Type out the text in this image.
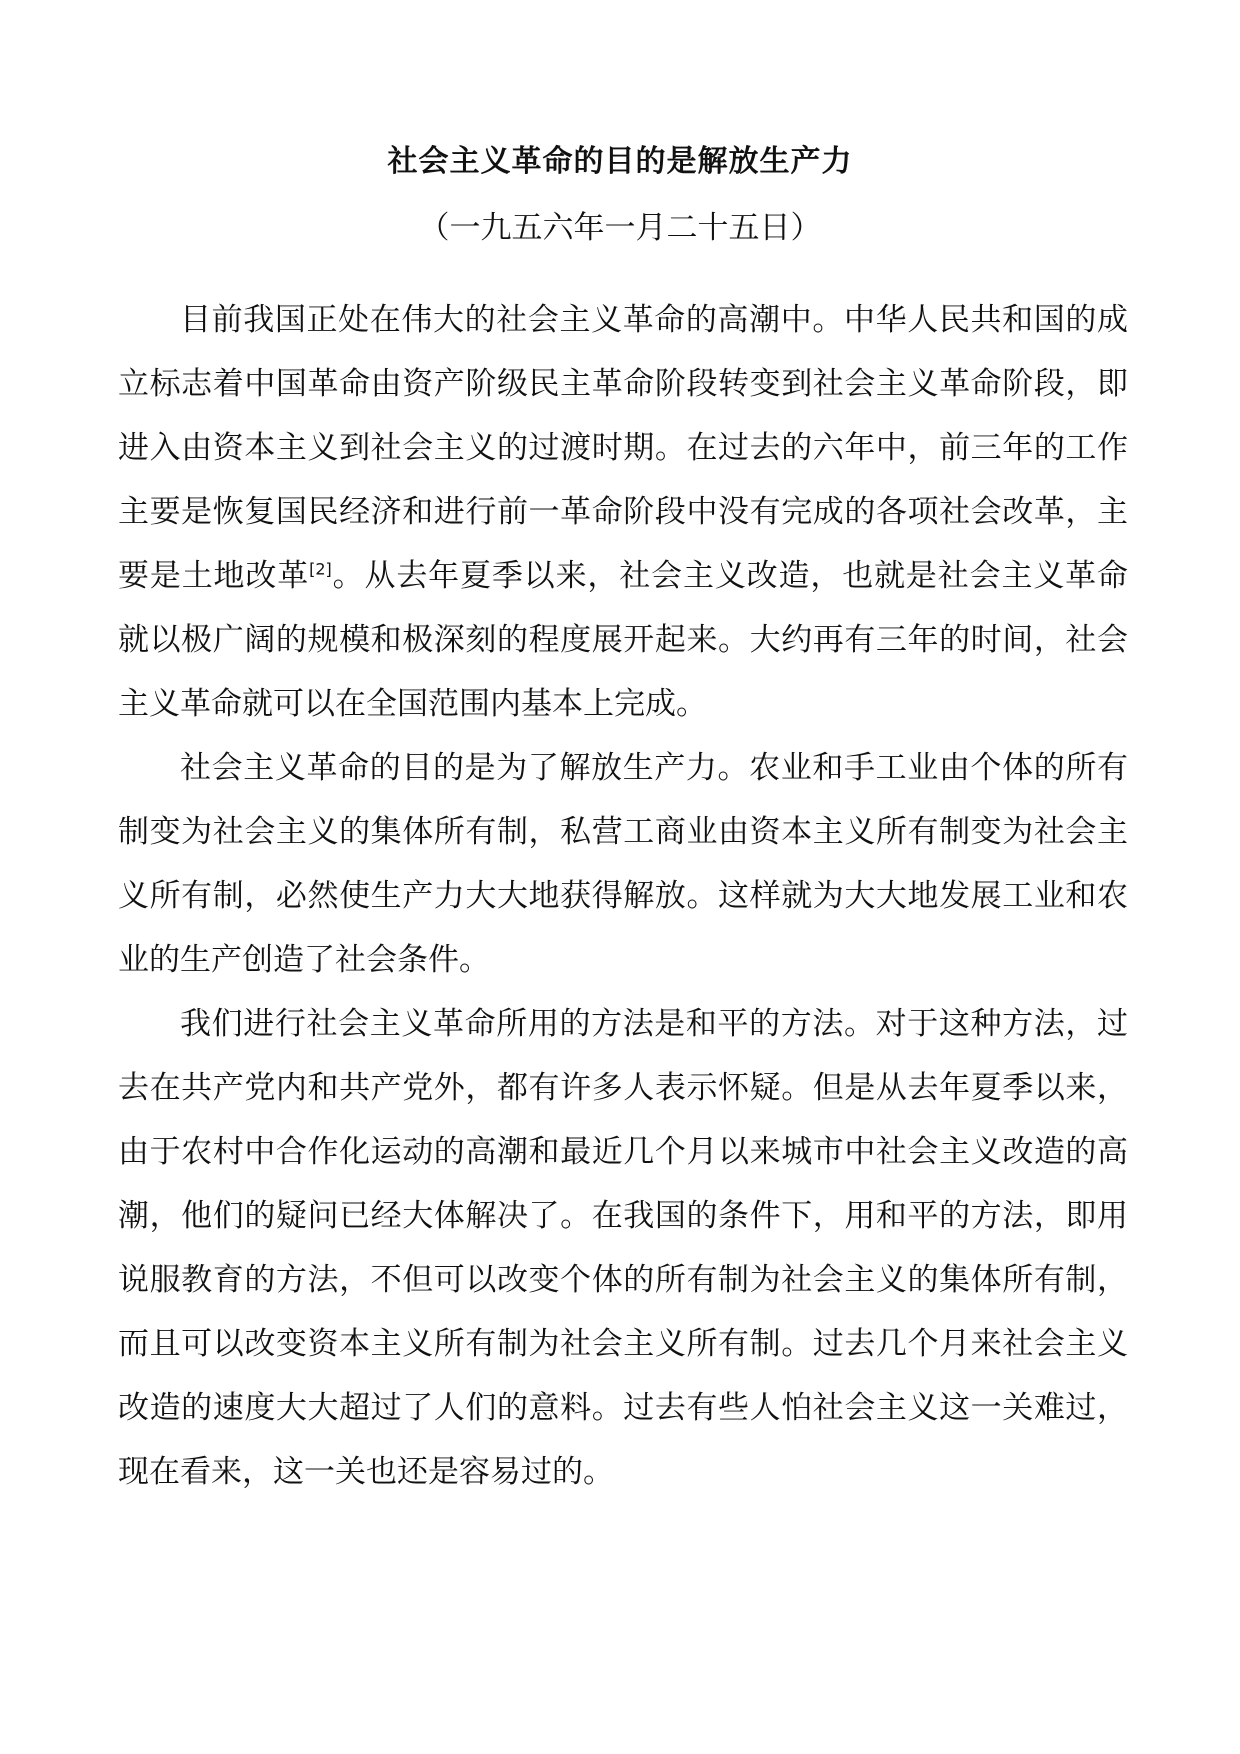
社会主义革命的目的是解放生产力

（一九五六年一月二十五日）

目前我国正处在伟大的社会主义革命的高潮中。中华人民共和国的成立标志着中国革命由资产阶级民主革命阶段转变到社会主义革命阶段，即进入由资本主义到社会主义的过渡时期。在过去的六年中，前三年的工作主要是恢复国民经济和进行前一革命阶段中没有完成的各项社会改革，主要是土地改革[2]。从去年夏季以来，社会主义改造，也就是社会主义革命就以极广阔的规模和极深刻的程度展开起来。大约再有三年的时间，社会主义革命就可以在全国范围内基本上完成。

社会主义革命的目的是为了解放生产力。农业和手工业由个体的所有制变为社会主义的集体所有制，私营工商业由资本主义所有制变为社会主义所有制，必然使生产力大大地获得解放。这样就为大大地发展工业和农业的生产创造了社会条件。

我们进行社会主义革命所用的方法是和平的方法。对于这种方法，过去在共产党内和共产党外，都有许多人表示怀疑。但是从去年夏季以来，由于农村中合作化运动的高潮和最近几个月以来城市中社会主义改造的高潮，他们的疑问已经大体解决了。在我国的条件下，用和平的方法，即用说服教育的方法，不但可以改变个体的所有制为社会主义的集体所有制，而且可以改变资本主义所有制为社会主义所有制。过去几个月来社会主义改造的速度大大超过了人们的意料。过去有些人怕社会主义这一关难过，现在看来，这一关也还是容易过的。
